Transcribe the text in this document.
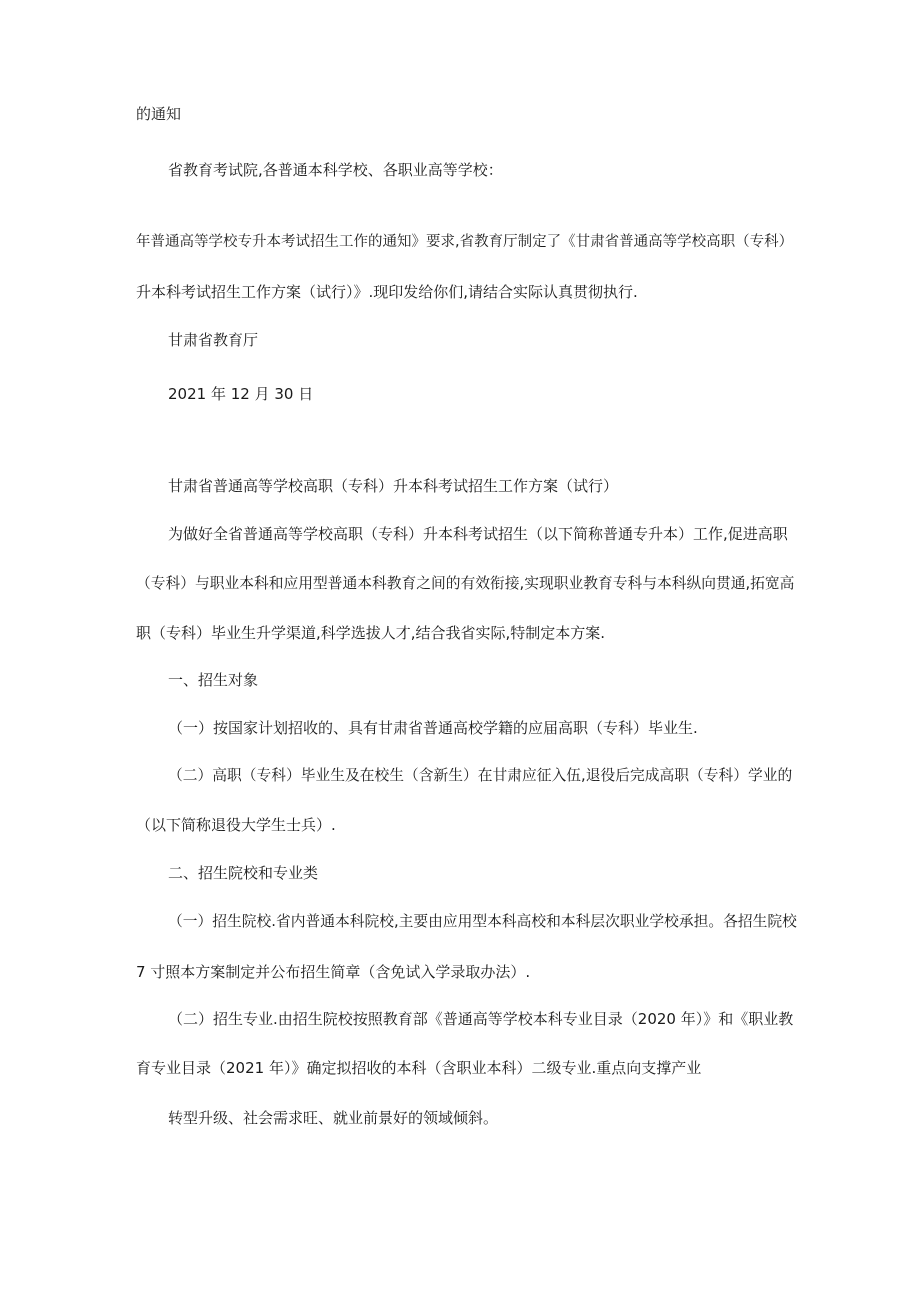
的通知
省教育考试院,各普通本科学校、各职业高等学校：
年普通高等学校专升本考试招生工作的通知》要求,省教育厅制定了《甘肃省普通高等学校高职（专科）
升本科考试招生工作方案（试行）》.现印发给你们,请结合实际认真贯彻执行.
甘肃省教育厅
2021 年 12 月 30 日
甘肃省普通高等学校高职（专科）升本科考试招生工作方案（试行）
为做好全省普通高等学校高职（专科）升本科考试招生（以下简称普通专升本）工作,促进高职
（专科）与职业本科和应用型普通本科教育之间的有效衔接,实现职业教育专科与本科纵向贯通,拓宽高
职（专科）毕业生升学渠道,科学选拔人才,结合我省实际,特制定本方案.
一、招生对象
（一）按国家计划招收的、具有甘肃省普通高校学籍的应届高职（专科）毕业生.
（二）高职（专科）毕业生及在校生（含新生）在甘肃应征入伍,退役后完成高职（专科）学业的
（以下简称退役大学生士兵）.
二、招生院校和专业类
（一）招生院校.省内普通本科院校,主要由应用型本科高校和本科层次职业学校承担。各招生院校
7 寸照本方案制定并公布招生简章（含免试入学录取办法）.
（二）招生专业.由招生院校按照教育部《普通高等学校本科专业目录（2020 年）》和《职业教
育专业目录（2021 年）》确定拟招收的本科（含职业本科）二级专业.重点向支撑产业
转型升级、社会需求旺、就业前景好的领域倾斜。
